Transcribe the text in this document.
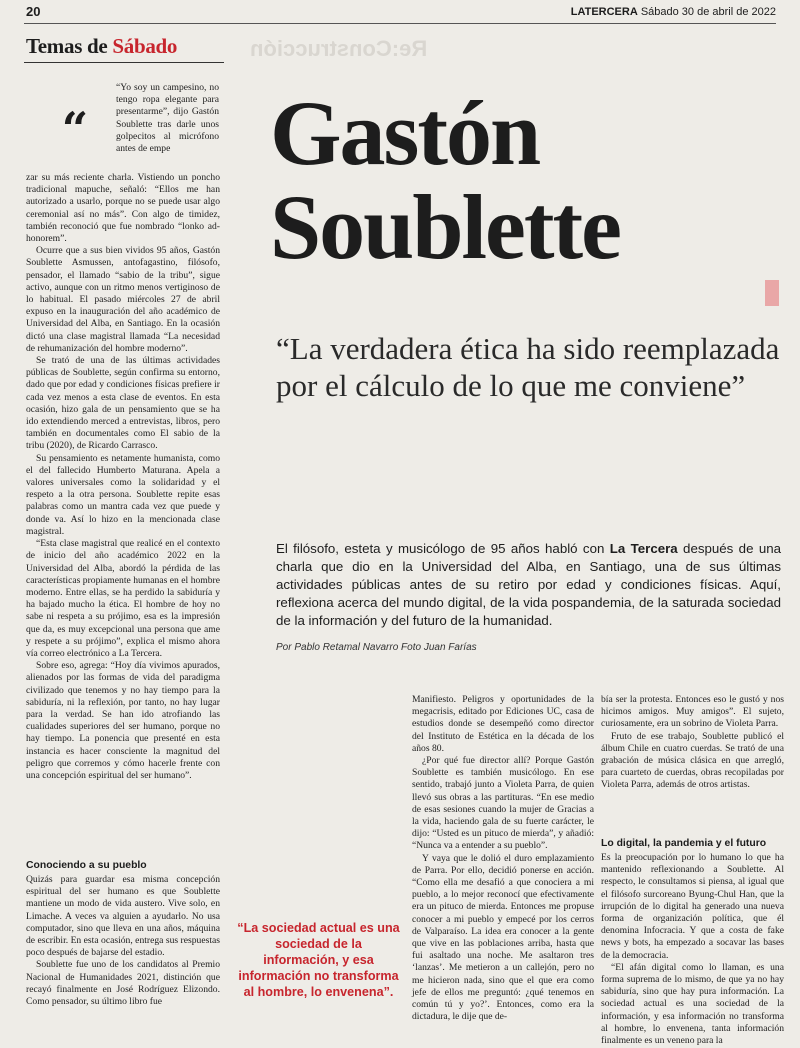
20	LATERCERA Sábado 30 de abril de 2022
Temas de Sábado	Re:Construcción
“
“Yo soy un campesino, no tengo ropa elegante para presentarme”, dijo Gastón Soublette tras darle unos golpecitos al micrófono antes de empe

zar su más reciente charla. Vistiendo un poncho tradicional mapuche, señaló: “Ellos me han autorizado a usarlo, porque no se puede usar algo ceremonial así no más”. Con algo de timidez, también reconoció que fue nombrado “lonko ad-honorem”.

Ocurre que a sus bien vividos 95 años, Gastón Soublette Asmussen, antofagastino, filósofo, pensador, el llamado “sabio de la tribu”, sigue activo, aunque con un ritmo menos vertiginoso de lo habitual. El pasado miércoles 27 de abril expuso en la inauguración del año académico de Universidad del Alba, en Santiago. En la ocasión dictó una clase magistral llamada “La necesidad de rehumanización del hombre moderno”.

Se trató de una de las últimas actividades públicas de Soublette, según confirma su entorno, dado que por edad y condiciones físicas prefiere ir cada vez menos a esta clase de eventos. En esta ocasión, hizo gala de un pensamiento que se ha ido extendiendo merced a entrevistas, libros, pero también en documentales como El sabio de la tribu (2020), de Ricardo Carrasco.

Su pensamiento es netamente humanista, como el del fallecido Humberto Maturana. Apela a valores universales como la solidaridad y el respeto a la otra persona. Soublette repite esas palabras como un mantra cada vez que puede y donde va. Así lo hizo en la mencionada clase magistral.

“Esta clase magistral que realicé en el contexto de inicio del año académico 2022 en la Universidad del Alba, abordó la pérdida de las características propiamente humanas en el hombre moderno. Entre ellas, se ha perdido la sabiduría y ha bajado mucho la ética. El hombre de hoy no sabe ni respeta a su prójimo, esa es la impresión que da, es muy excepcional una persona que ame y respete a su prójimo”, explica el mismo ahora vía correo electrónico a La Tercera.

Sobre eso, agrega: “Hoy día vivimos apurados, alienados por las formas de vida del paradigma civilizado que tenemos y no hay tiempo para la sabiduría, ni la reflexión, por tanto, no hay lugar para la verdad. Se han ido atrofiando las cualidades superiores del ser humano, porque no hay tiempo. La ponencia que presenté en esta instancia es hacer consciente la magnitud del peligro que corremos y cómo hacerle frente con una concepción espiritual del ser humano”.

Conociendo a su pueblo

Quizás para guardar esa misma concepción espiritual del ser humano es que Soublette mantiene un modo de vida austero. Vive solo, en Limache. A veces va alguien a ayudarlo. No usa computador, sino que lleva en una años, máquina de escribir. En esta ocasión, entrega sus respuestas poco después de bajarse del estadio.

Soublette fue uno de los candidatos al Premio Nacional de Humanidades 2021, distinción que recayó finalmente en José Rodríguez Elizondo. Como pensador, su último libro fue

Gastón
Soublette
“La verdadera ética ha sido reemplazada por el cálculo de lo que me conviene”
El filósofo, esteta y musicólogo de 95 años habló con La Tercera después de una charla que dio en la Universidad del Alba, en Santiago, una de sus últimas actividades públicas antes de su retiro por edad y condiciones físicas. Aquí, reflexiona acerca del mundo digital, de la vida pospandemia, de la saturada sociedad de la información y del futuro de la humanidad.
Por Pablo Retamal Navarro Foto Juan Farías

Manifiesto. Peligros y oportunidades de la megacrisis, editado por Ediciones UC, casa de estudios donde se desempeñó como director del Instituto de Estética en la década de los años 80.

¿Por qué fue director allí? Porque Gastón Soublette es también musicólogo. En ese sentido, trabajó junto a Violeta Parra, de quien llevó sus obras a las partituras. “En ese medio de esas sesiones cuando la mujer de Gracias a la vida, haciendo gala de su fuerte carácter, le dijo: “Usted es un pituco de mierda”, y añadió: “Nunca va a entender a su pueblo”.

Y vaya que le dolió el duro emplazamiento de Parra. Por ello, decidió ponerse en acción. “Como ella me desafió a que conociera a mi pueblo, a lo mejor reconocí que efectivamente era un pituco de mierda. Entonces me propuse conocer a mi pueblo y empecé por los cerros de Valparaíso. La idea era conocer a la gente que vive en las poblaciones arriba, hasta que fui asaltado una noche. Me asaltaron tres ‘lanzas’. Me metieron a un callejón, pero no me hicieron nada, sino que el que era como jefe de ellos me preguntó: ¿qué tenemos en común tú y yo?’. Entonces, como era la dictadura, le dije que de-

bía ser la protesta. Entonces eso le gustó y nos hicimos amigos. Muy amigos”. El sujeto, curiosamente, era un sobrino de Violeta Parra.

Fruto de ese trabajo, Soublette publicó el álbum Chile en cuatro cuerdas. Se trató de una grabación de música clásica en que arregló, para cuarteto de cuerdas, obras recopiladas por Violeta Parra, además de otros artistas.

Lo digital, la pandemia y el futuro

Es la preocupación por lo humano lo que ha mantenido reflexionando a Soublette. Al respecto, le consultamos si piensa, al igual que el filósofo surcoreano Byung-Chul Han, que la irrupción de lo digital ha generado una nueva forma de organización política, que él denomina Infocracia. Y que a costa de fake news y bots, ha empezado a socavar las bases de la democracia.

“El afán digital como lo llaman, es una forma suprema de lo mismo, de que ya no hay sabiduría, sino que hay pura información. La sociedad actual es una sociedad de la información, y esa información no transforma al hombre, lo envenena, tanta información finalmente es un veneno para la

“La sociedad actual es una sociedad de la información, y esa información no transforma al hombre, lo envenena”.
